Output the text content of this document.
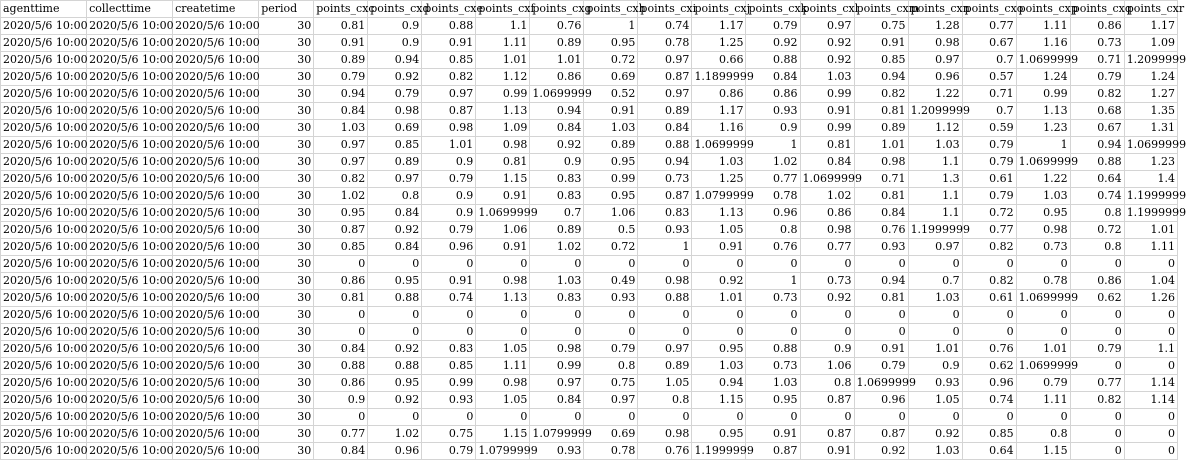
agenttime	collecttime	createtime	period	points_cxc	points_cxd	points_cxe	points_cxf	points_cxg	points_cxh	points_cxi	points_cxj	points_cxk	points_cxl	points_cxm	points_cxn	points_cxo	points_cxp	points_cxq	points_cxr
2020/5/6 10:00	2020/5/6 10:00	2020/5/6 10:00	30	0.81	0.9	0.88	1.1	0.76	1	0.74	1.17	0.79	0.97	0.75	1.28	0.77	1.11	0.86	1.17
2020/5/6 10:00	2020/5/6 10:00	2020/5/6 10:00	30	0.91	0.9	0.91	1.11	0.89	0.95	0.78	1.25	0.92	0.92	0.91	0.98	0.67	1.16	0.73	1.09
2020/5/6 10:00	2020/5/6 10:00	2020/5/6 10:00	30	0.89	0.94	0.85	1.01	1.01	0.72	0.97	0.66	0.88	0.92	0.85	0.97	0.7	1.0699999	0.71	1.2099999
2020/5/6 10:00	2020/5/6 10:00	2020/5/6 10:00	30	0.79	0.92	0.82	1.12	0.86	0.69	0.87	1.1899999	0.84	1.03	0.94	0.96	0.57	1.24	0.79	1.24
2020/5/6 10:00	2020/5/6 10:00	2020/5/6 10:00	30	0.94	0.79	0.97	0.99	1.0699999	0.52	0.97	0.86	0.86	0.99	0.82	1.22	0.71	0.99	0.82	1.27
2020/5/6 10:00	2020/5/6 10:00	2020/5/6 10:00	30	0.84	0.98	0.87	1.13	0.94	0.91	0.89	1.17	0.93	0.91	0.81	1.2099999	0.7	1.13	0.68	1.35
2020/5/6 10:00	2020/5/6 10:00	2020/5/6 10:00	30	1.03	0.69	0.98	1.09	0.84	1.03	0.84	1.16	0.9	0.99	0.89	1.12	0.59	1.23	0.67	1.31
2020/5/6 10:00	2020/5/6 10:00	2020/5/6 10:00	30	0.97	0.85	1.01	0.98	0.92	0.89	0.88	1.0699999	1	0.81	1.01	1.03	0.79	1	0.94	1.0699999
2020/5/6 10:00	2020/5/6 10:00	2020/5/6 10:00	30	0.97	0.89	0.9	0.81	0.9	0.95	0.94	1.03	1.02	0.84	0.98	1.1	0.79	1.0699999	0.88	1.23
2020/5/6 10:00	2020/5/6 10:00	2020/5/6 10:00	30	0.82	0.97	0.79	1.15	0.83	0.99	0.73	1.25	0.77	1.0699999	0.71	1.3	0.61	1.22	0.64	1.4
2020/5/6 10:00	2020/5/6 10:00	2020/5/6 10:00	30	1.02	0.8	0.9	0.91	0.83	0.95	0.87	1.0799999	0.78	1.02	0.81	1.1	0.79	1.03	0.74	1.1999999
2020/5/6 10:00	2020/5/6 10:00	2020/5/6 10:00	30	0.95	0.84	0.9	1.0699999	0.7	1.06	0.83	1.13	0.96	0.86	0.84	1.1	0.72	0.95	0.8	1.1999999
2020/5/6 10:00	2020/5/6 10:00	2020/5/6 10:00	30	0.87	0.92	0.79	1.06	0.89	0.5	0.93	1.05	0.8	0.98	0.76	1.1999999	0.77	0.98	0.72	1.01
2020/5/6 10:00	2020/5/6 10:00	2020/5/6 10:00	30	0.85	0.84	0.96	0.91	1.02	0.72	1	0.91	0.76	0.77	0.93	0.97	0.82	0.73	0.8	1.11
2020/5/6 10:00	2020/5/6 10:00	2020/5/6 10:00	30	0	0	0	0	0	0	0	0	0	0	0	0	0	0	0	0
2020/5/6 10:00	2020/5/6 10:00	2020/5/6 10:00	30	0.86	0.95	0.91	0.98	1.03	0.49	0.98	0.92	1	0.73	0.94	0.7	0.82	0.78	0.86	1.04
2020/5/6 10:00	2020/5/6 10:00	2020/5/6 10:00	30	0.81	0.88	0.74	1.13	0.83	0.93	0.88	1.01	0.73	0.92	0.81	1.03	0.61	1.0699999	0.62	1.26
2020/5/6 10:00	2020/5/6 10:00	2020/5/6 10:00	30	0	0	0	0	0	0	0	0	0	0	0	0	0	0	0	0
2020/5/6 10:00	2020/5/6 10:00	2020/5/6 10:00	30	0	0	0	0	0	0	0	0	0	0	0	0	0	0	0	0
2020/5/6 10:00	2020/5/6 10:00	2020/5/6 10:00	30	0.84	0.92	0.83	1.05	0.98	0.79	0.97	0.95	0.88	0.9	0.91	1.01	0.76	1.01	0.79	1.1
2020/5/6 10:00	2020/5/6 10:00	2020/5/6 10:00	30	0.88	0.88	0.85	1.11	0.99	0.8	0.89	1.03	0.73	1.06	0.79	0.9	0.62	1.0699999	0	0
2020/5/6 10:00	2020/5/6 10:00	2020/5/6 10:00	30	0.86	0.95	0.99	0.98	0.97	0.75	1.05	0.94	1.03	0.8	1.0699999	0.93	0.96	0.79	0.77	1.14
2020/5/6 10:00	2020/5/6 10:00	2020/5/6 10:00	30	0.9	0.92	0.93	1.05	0.84	0.97	0.8	1.15	0.95	0.87	0.96	1.05	0.74	1.11	0.82	1.14
2020/5/6 10:00	2020/5/6 10:00	2020/5/6 10:00	30	0	0	0	0	0	0	0	0	0	0	0	0	0	0	0	0
2020/5/6 10:00	2020/5/6 10:00	2020/5/6 10:00	30	0.77	1.02	0.75	1.15	1.0799999	0.69	0.98	0.95	0.91	0.87	0.87	0.92	0.85	0.8	0	0
2020/5/6 10:00	2020/5/6 10:00	2020/5/6 10:00	30	0.84	0.96	0.79	1.0799999	0.93	0.78	0.76	1.1999999	0.87	0.91	0.92	1.03	0.64	1.15	0	0
